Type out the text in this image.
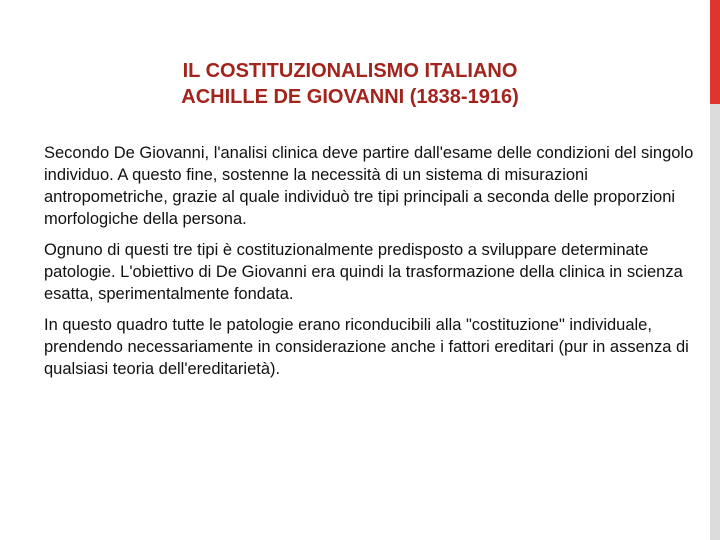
IL COSTITUZIONALISMO ITALIANO
ACHILLE DE GIOVANNI (1838-1916)

Secondo De Giovanni, l'analisi clinica deve partire dall'esame delle condizioni del singolo individuo. A questo fine, sostenne la necessità di un sistema di misurazioni antropometriche, grazie al quale individuò tre tipi principali a seconda delle proporzioni morfologiche della persona.

Ognuno di questi tre tipi è costituzionalmente predisposto a sviluppare determinate patologie. L'obiettivo di De Giovanni era quindi la trasformazione della clinica in scienza esatta, sperimentalmente fondata.

In questo quadro tutte le patologie erano riconducibili alla "costituzione" individuale, prendendo necessariamente in considerazione anche i fattori ereditari (pur in assenza di qualsiasi teoria dell'ereditarietà).
